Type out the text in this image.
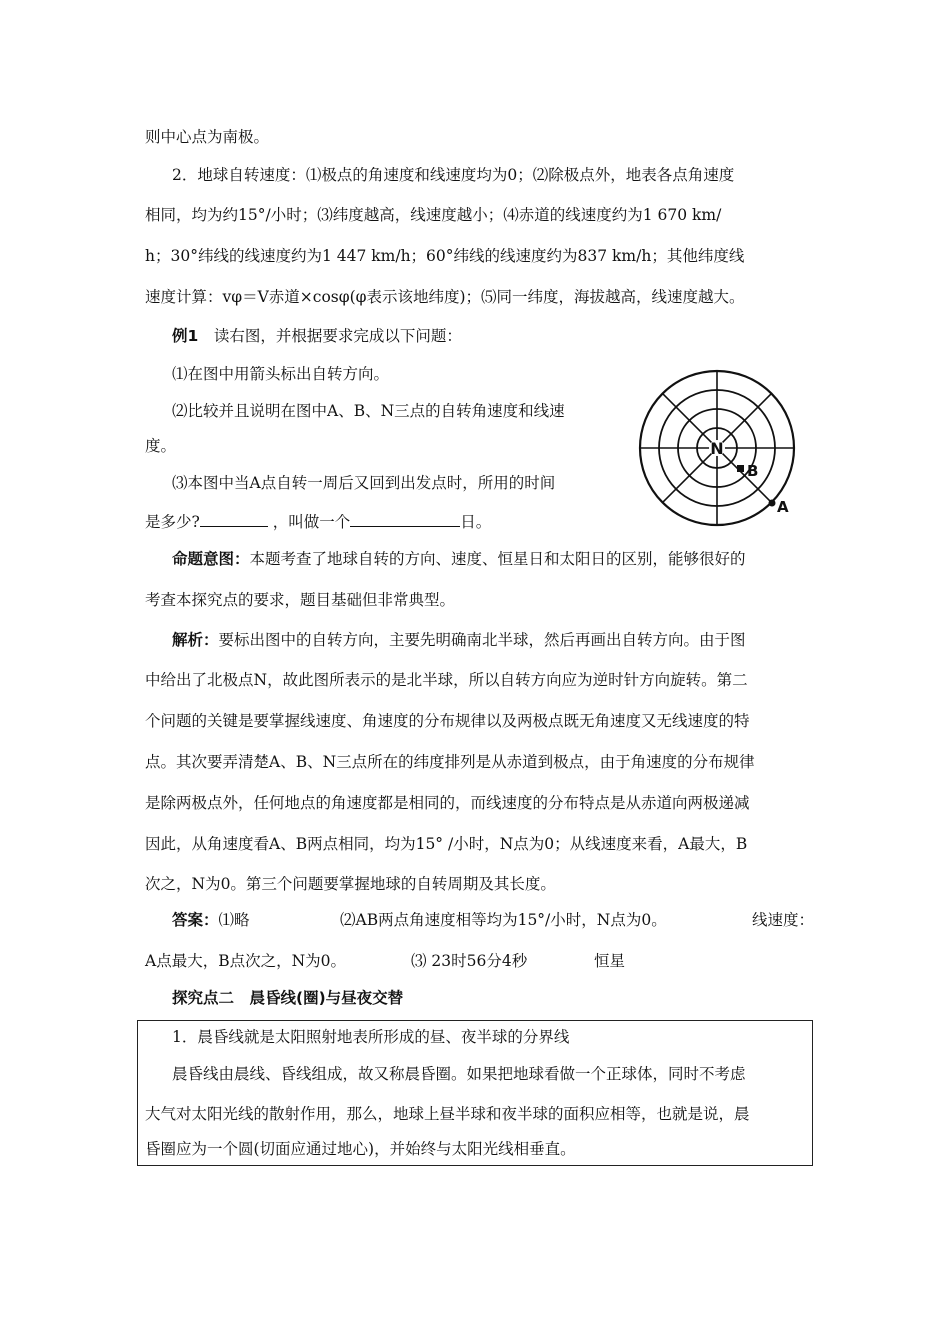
则中心点为南极。
2．地球自转速度：⑴极点的角速度和线速度均为0；⑵除极点外，地表各点角速度
相同，均为约15°/小时；⑶纬度越高，线速度越小；⑷赤道的线速度约为1 670 km/
h；30°纬线的线速度约为1 447 km/h；60°纬线的线速度约为837 km/h；其他纬度线
速度计算：vφ＝V赤道×cosφ(φ表示该地纬度)；⑸同一纬度，海拔越高，线速度越大。
例1　 读右图，并根据要求完成以下问题：
⑴在图中用箭头标出自转方向。
⑵比较并且说明在图中A、B、N三点的自转角速度和线速
度。
⑶本图中当A点自转一周后又回到出发点时，所用的时间
是多少?	，叫做一个	日。
N
B
A
命题意图：本题考查了地球自转的方向、速度、恒星日和太阳日的区别，能够很好的
考查本探究点的要求，题目基础但非常典型。
解析：要标出图中的自转方向，主要先明确南北半球，然后再画出自转方向。由于图
中给出了北极点N，故此图所表示的是北半球，所以自转方向应为逆时针方向旋转。第二
个问题的关键是要掌握线速度、角速度的分布规律以及两极点既无角速度又无线速度的特
点。其次要弄清楚A、B、N三点所在的纬度排列是从赤道到极点，由于角速度的分布规律
是除两极点外，任何地点的角速度都是相同的，而线速度的分布特点是从赤道向两极递减
因此，从角速度看A、B两点相同，均为15° /小时，N点为0；从线速度来看，A最大，B
次之，N为0。第三个问题要掌握地球的自转周期及其长度。
答案：⑴略	⑵AB两点角速度相等均为15°/小时，N点为0。	线速度：
A点最大，B点次之，N为0。	⑶ 23时56分4秒	恒星
探究点二　晨昏线(圈)与昼夜交替
1．晨昏线就是太阳照射地表所形成的昼、夜半球的分界线
晨昏线由晨线、昏线组成，故又称晨昏圈。如果把地球看做一个正球体，同时不考虑
大气对太阳光线的散射作用，那么，地球上昼半球和夜半球的面积应相等，也就是说，晨
昏圈应为一个圆(切面应通过地心)，并始终与太阳光线相垂直。
